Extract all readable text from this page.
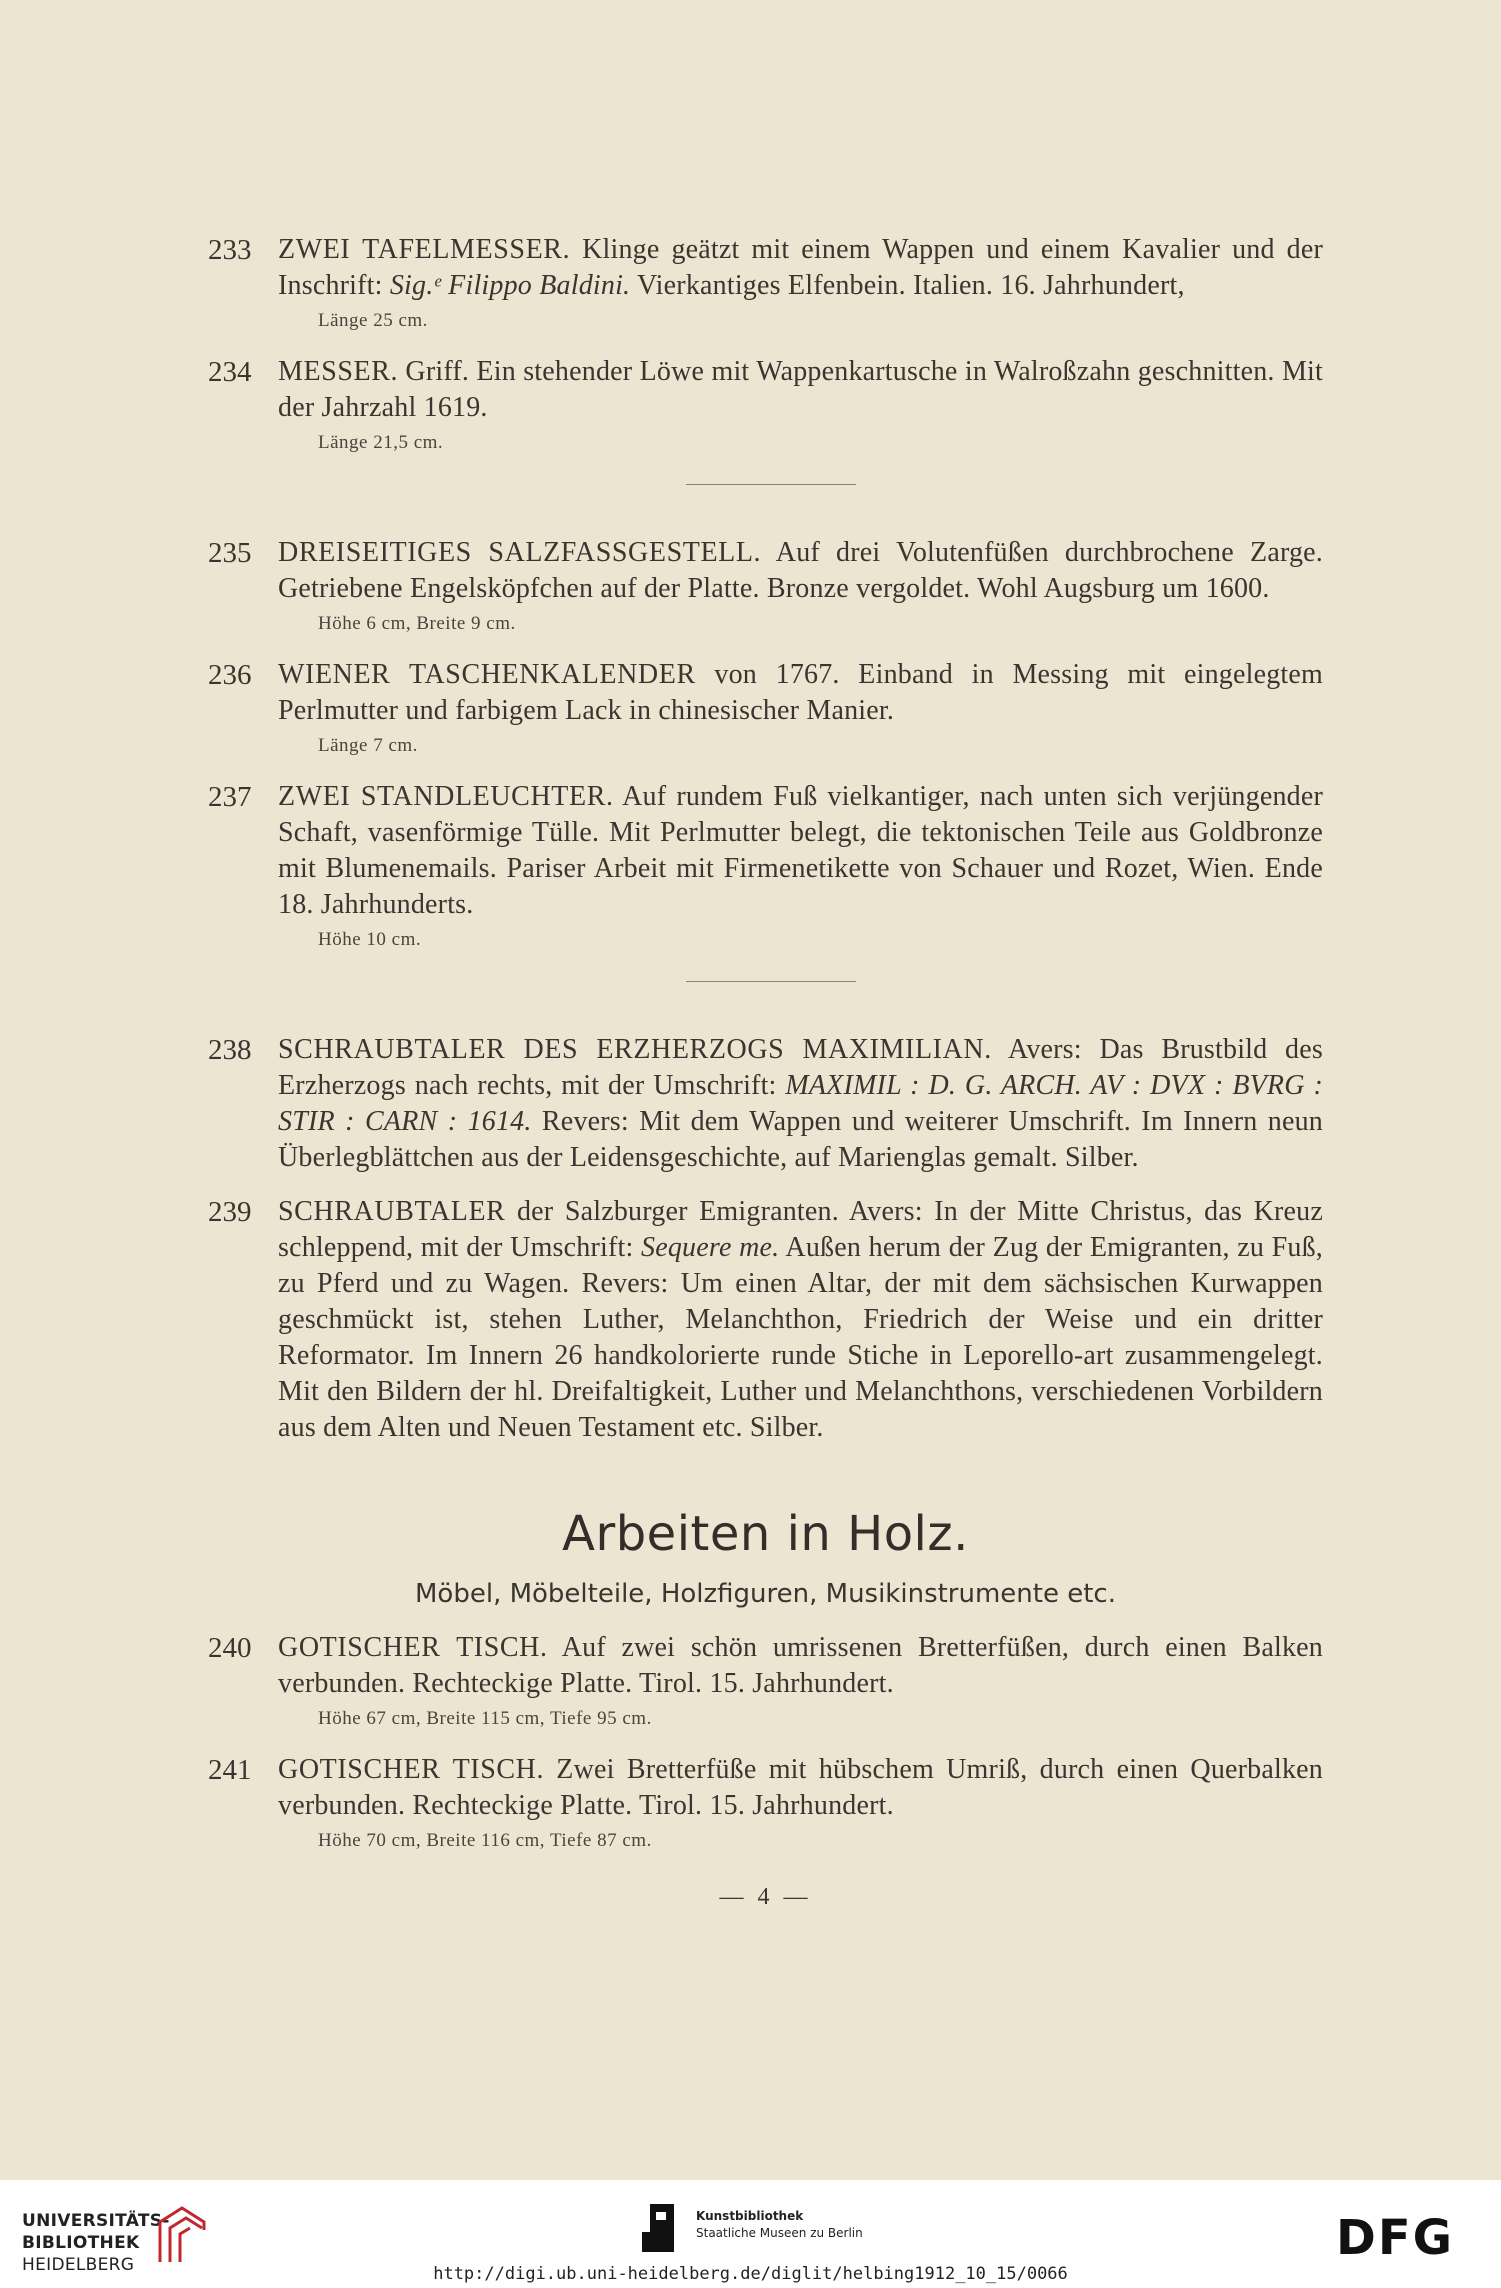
233 ZWEI TAFELMESSER. Klinge geätzt mit einem Wappen und einem Kavalier und der Inschrift: Sig.ᵉ Filippo Baldini. Vierkantiges Elfenbein. Italien. 16. Jahrhundert,
Länge 25 cm.
234 MESSER. Griff. Ein stehender Löwe mit Wappenkartusche in Walroßzahn geschnitten. Mit der Jahrzahl 1619.
Länge 21,5 cm.
235 DREISEITIGES SALZFASSGESTELL. Auf drei Volutenfüßen durchbrochene Zarge. Getriebene Engelsköpfchen auf der Platte. Bronze vergoldet. Wohl Augsburg um 1600.
Höhe 6 cm, Breite 9 cm.
236 WIENER TASCHENKALENDER von 1767. Einband in Messing mit eingelegtem Perlmutter und farbigem Lack in chinesischer Manier.
Länge 7 cm.
237 ZWEI STANDLEUCHTER. Auf rundem Fuß vielkantiger, nach unten sich verjüngender Schaft, vasenförmige Tülle. Mit Perlmutter belegt, die tektonischen Teile aus Goldbronze mit Blumenemails. Pariser Arbeit mit Firmenetikette von Schauer und Rozet, Wien. Ende 18. Jahrhunderts.
Höhe 10 cm.
238 SCHRAUBTALER DES ERZHERZOGS MAXIMILIAN. Avers: Das Brustbild des Erzherzogs nach rechts, mit der Umschrift: MAXIMIL : D. G. ARCH. AV : DVX : BVRG : STIR : CARN : 1614. Revers: Mit dem Wappen und weiterer Umschrift. Im Innern neun Überlegblättchen aus der Leidensgeschichte, auf Marienglas gemalt. Silber.
239 SCHRAUBTALER der Salzburger Emigranten. Avers: In der Mitte Christus, das Kreuz schleppend, mit der Umschrift: Sequere me. Außen herum der Zug der Emigranten, zu Fuß, zu Pferd und zu Wagen. Revers: Um einen Altar, der mit dem sächsischen Kurwappen geschmückt ist, stehen Luther, Melanchthon, Friedrich der Weise und ein dritter Reformator. Im Innern 26 handkolorierte runde Stiche in Leporello-art zusammengelegt. Mit den Bildern der hl. Dreifaltigkeit, Luther und Melanchthons, verschiedenen Vorbildern aus dem Alten und Neuen Testament etc. Silber.
Arbeiten in Holz.
Möbel, Möbelteile, Holzfiguren, Musikinstrumente etc.
240 GOTISCHER TISCH. Auf zwei schön umrissenen Bretterfüßen, durch einen Balken verbunden. Rechteckige Platte. Tirol. 15. Jahrhundert.
Höhe 67 cm, Breite 115 cm, Tiefe 95 cm.
241 GOTISCHER TISCH. Zwei Bretterfüße mit hübschem Umriß, durch einen Querbalken verbunden. Rechteckige Platte. Tirol. 15. Jahrhundert.
Höhe 70 cm, Breite 116 cm, Tiefe 87 cm.
— 4 —
UNIVERSITÄTS-
BIBLIOTHEK
HEIDELBERG
Kunstbibliothek
Staatliche Museen zu Berlin	DFG
http://digi.ub.uni-heidelberg.de/diglit/helbing1912_10_15/0066
